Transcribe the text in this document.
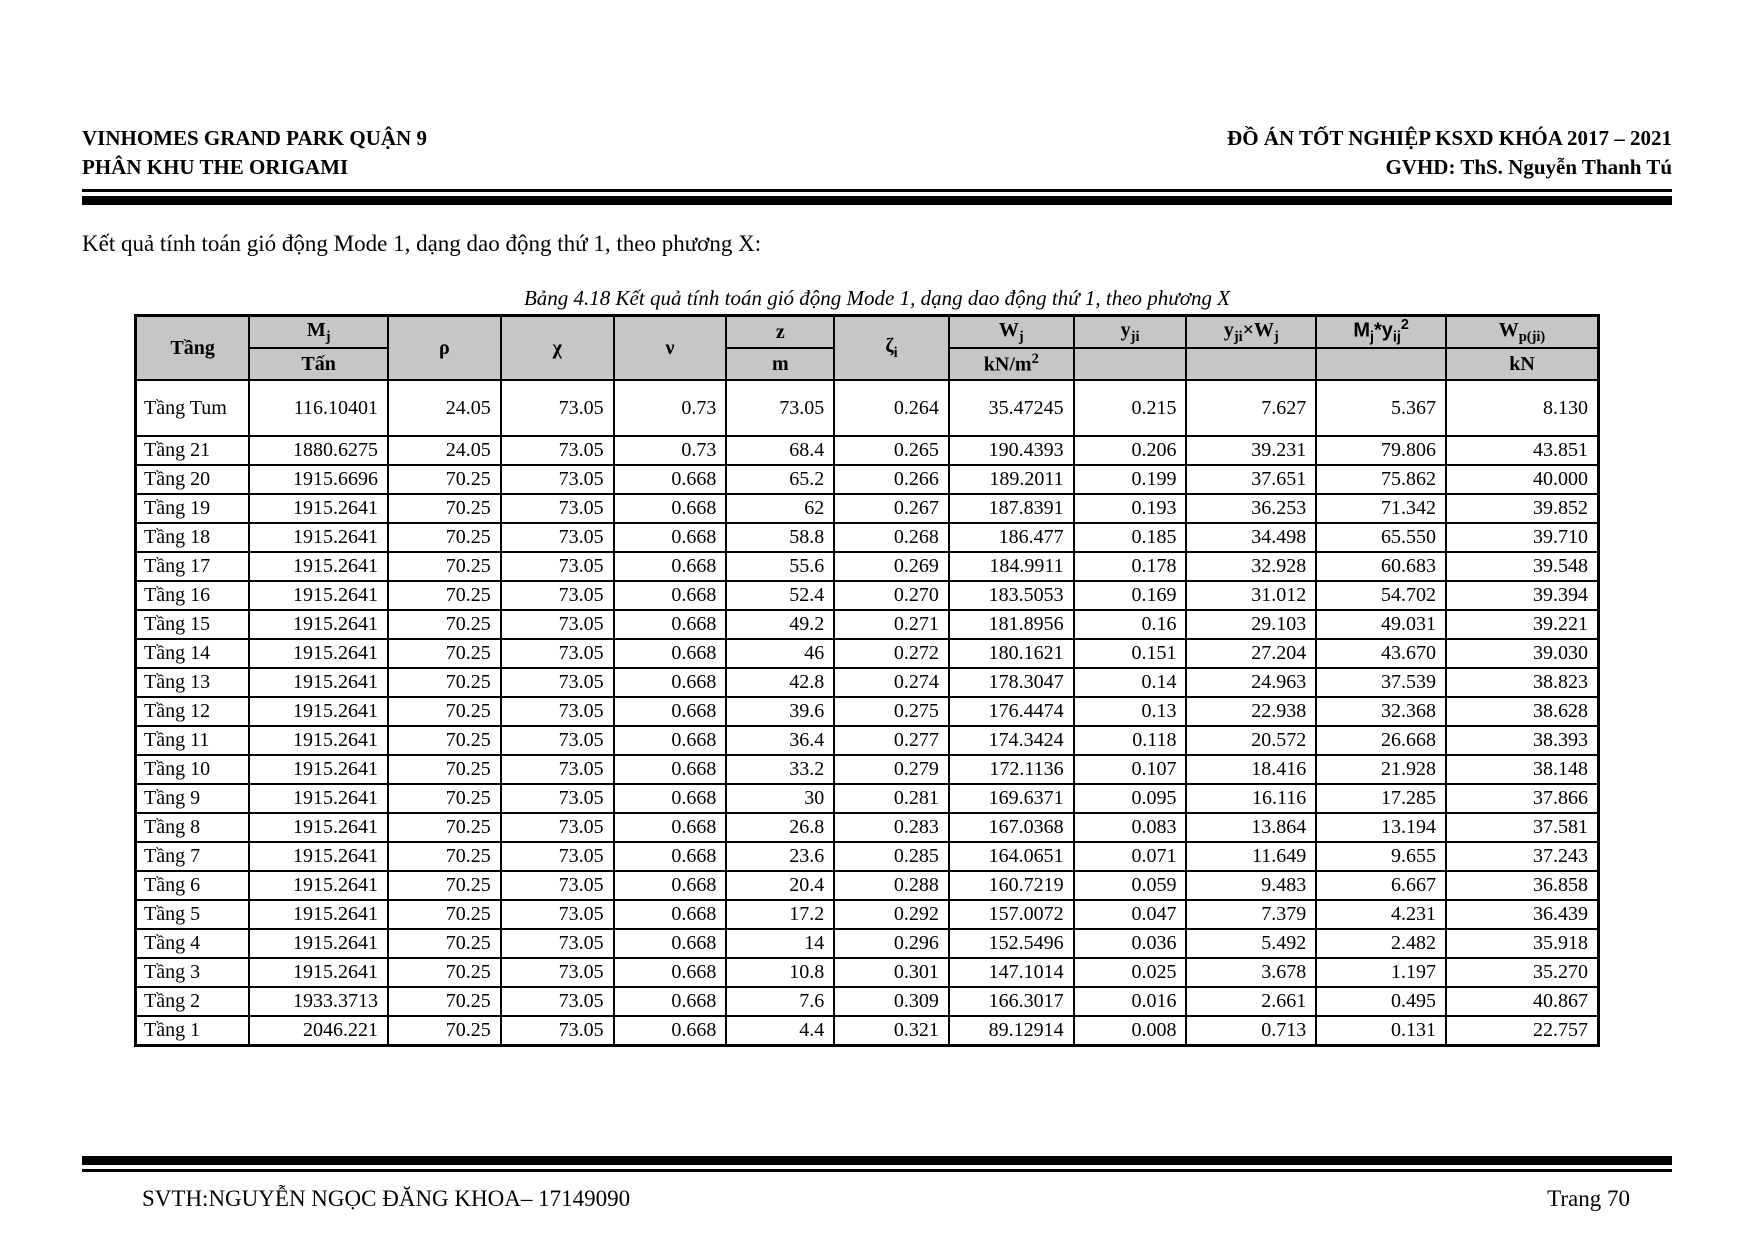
VINHOMES GRAND PARK QUẬN 9
PHÂN KHU THE ORIGAMI
ĐỒ ÁN TỐT NGHIỆP KSXD KHÓA 2017 – 2021
GVHD: ThS. Nguyễn Thanh Tú

Kết quả tính toán gió động Mode 1, dạng dao động thứ 1, theo phương X:

Bảng 4.18 Kết quả tính toán gió động Mode 1, dạng dao động thứ 1, theo phương X

Tầng	$M_j$	ρ	χ	ν	z	$\zeta_i$	$W_j$	$y_{ji}$	$y_{ji}\times W_j$	$M_j*y_{ij}^2$	$W_{p(ji)}$
	Tấn				m		$kN/m^2$				kN
Tầng Tum	116.10401	24.05	73.05	0.73	73.05	0.264	35.47245	0.215	7.627	5.367	8.130
Tầng 21	1880.6275	24.05	73.05	0.73	68.4	0.265	190.4393	0.206	39.231	79.806	43.851
Tầng 20	1915.6696	70.25	73.05	0.668	65.2	0.266	189.2011	0.199	37.651	75.862	40.000
Tầng 19	1915.2641	70.25	73.05	0.668	62	0.267	187.8391	0.193	36.253	71.342	39.852
Tầng 18	1915.2641	70.25	73.05	0.668	58.8	0.268	186.477	0.185	34.498	65.550	39.710
Tầng 17	1915.2641	70.25	73.05	0.668	55.6	0.269	184.9911	0.178	32.928	60.683	39.548
Tầng 16	1915.2641	70.25	73.05	0.668	52.4	0.270	183.5053	0.169	31.012	54.702	39.394
Tầng 15	1915.2641	70.25	73.05	0.668	49.2	0.271	181.8956	0.16	29.103	49.031	39.221
Tầng 14	1915.2641	70.25	73.05	0.668	46	0.272	180.1621	0.151	27.204	43.670	39.030
Tầng 13	1915.2641	70.25	73.05	0.668	42.8	0.274	178.3047	0.14	24.963	37.539	38.823
Tầng 12	1915.2641	70.25	73.05	0.668	39.6	0.275	176.4474	0.13	22.938	32.368	38.628
Tầng 11	1915.2641	70.25	73.05	0.668	36.4	0.277	174.3424	0.118	20.572	26.668	38.393
Tầng 10	1915.2641	70.25	73.05	0.668	33.2	0.279	172.1136	0.107	18.416	21.928	38.148
Tầng 9	1915.2641	70.25	73.05	0.668	30	0.281	169.6371	0.095	16.116	17.285	37.866
Tầng 8	1915.2641	70.25	73.05	0.668	26.8	0.283	167.0368	0.083	13.864	13.194	37.581
Tầng 7	1915.2641	70.25	73.05	0.668	23.6	0.285	164.0651	0.071	11.649	9.655	37.243
Tầng 6	1915.2641	70.25	73.05	0.668	20.4	0.288	160.7219	0.059	9.483	6.667	36.858
Tầng 5	1915.2641	70.25	73.05	0.668	17.2	0.292	157.0072	0.047	7.379	4.231	36.439
Tầng 4	1915.2641	70.25	73.05	0.668	14	0.296	152.5496	0.036	5.492	2.482	35.918
Tầng 3	1915.2641	70.25	73.05	0.668	10.8	0.301	147.1014	0.025	3.678	1.197	35.270
Tầng 2	1933.3713	70.25	73.05	0.668	7.6	0.309	166.3017	0.016	2.661	0.495	40.867
Tầng 1	2046.221	70.25	73.05	0.668	4.4	0.321	89.12914	0.008	0.713	0.131	22.757
SVTH:NGUYỄN NGỌC ĐĂNG KHOA– 17149090	Trang 70
